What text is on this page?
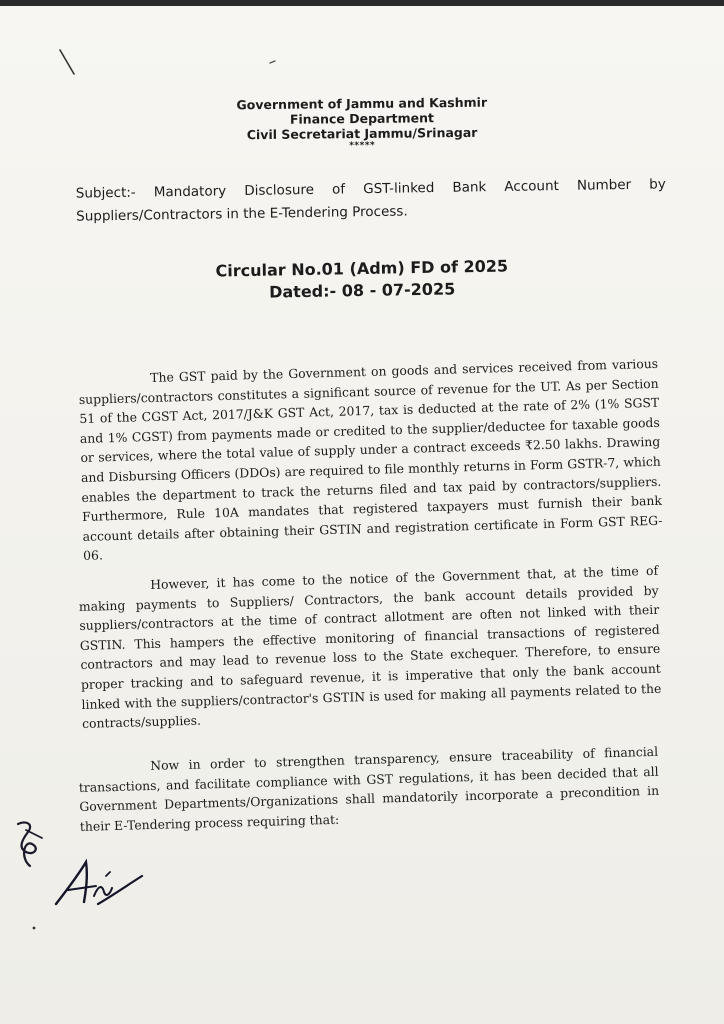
Government of Jammu and Kashmir
Finance Department
Civil Secretariat Jammu/Srinagar
*****
Subject:- Mandatory Disclosure of GST-linked Bank Account Number by Suppliers/Contractors in the E-Tendering Process.
Circular No.01 (Adm) FD of 2025
Dated:- 08 - 07-2025

The GST paid by the Government on goods and services received from various suppliers/contractors constitutes a significant source of revenue for the UT. As per Section 51 of the CGST Act, 2017/J&K GST Act, 2017, tax is deducted at the rate of 2% (1% SGST and 1% CGST) from payments made or credited to the supplier/deductee for taxable goods or services, where the total value of supply under a contract exceeds ₹2.50 lakhs. Drawing and Disbursing Officers (DDOs) are required to file monthly returns in Form GSTR-7, which enables the department to track the returns filed and tax paid by contractors/suppliers. Furthermore, Rule 10A mandates that registered taxpayers must furnish their bank account details after obtaining their GSTIN and registration certificate in Form GST REG-06.

However, it has come to the notice of the Government that, at the time of making payments to Suppliers/ Contractors, the bank account details provided by suppliers/contractors at the time of contract allotment are often not linked with their GSTIN. This hampers the effective monitoring of financial transactions of registered contractors and may lead to revenue loss to the State exchequer. Therefore, to ensure proper tracking and to safeguard revenue, it is imperative that only the bank account linked with the suppliers/contractor's GSTIN is used for making all payments related to the contracts/supplies.

Now in order to strengthen transparency, ensure traceability of financial transactions, and facilitate compliance with GST regulations, it has been decided that all Government Departments/Organizations shall mandatorily incorporate a precondition in their E-Tendering process requiring that:
